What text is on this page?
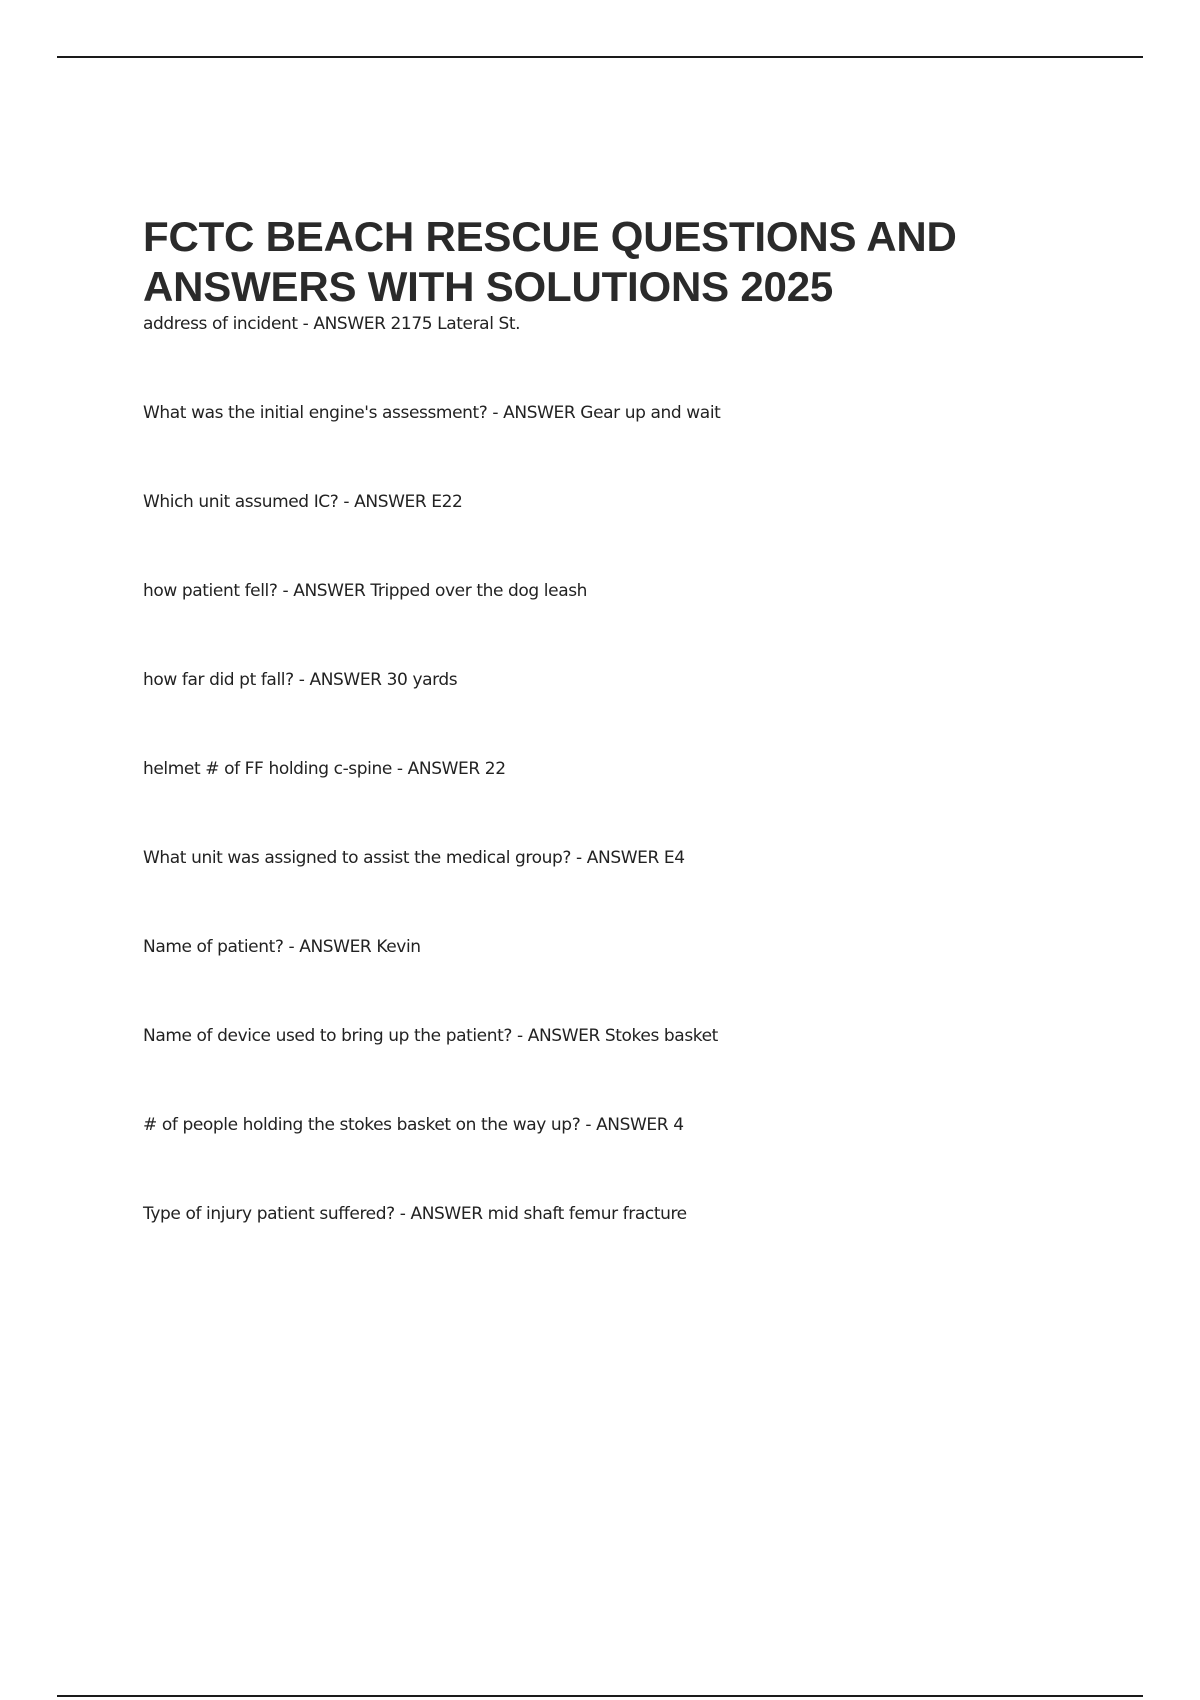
FCTC BEACH RESCUE QUESTIONS AND
ANSWERS WITH SOLUTIONS 2025
address of incident - ANSWER 2175 Lateral St.
What was the initial engine's assessment? - ANSWER Gear up and wait
Which unit assumed IC? - ANSWER E22
how patient fell? - ANSWER Tripped over the dog leash
how far did pt fall? - ANSWER 30 yards
helmet # of FF holding c-spine - ANSWER 22
What unit was assigned to assist the medical group? - ANSWER E4
Name of patient? - ANSWER Kevin
Name of device used to bring up the patient? - ANSWER Stokes basket
# of people holding the stokes basket on the way up? - ANSWER 4
Type of injury patient suffered? - ANSWER mid shaft femur fracture
